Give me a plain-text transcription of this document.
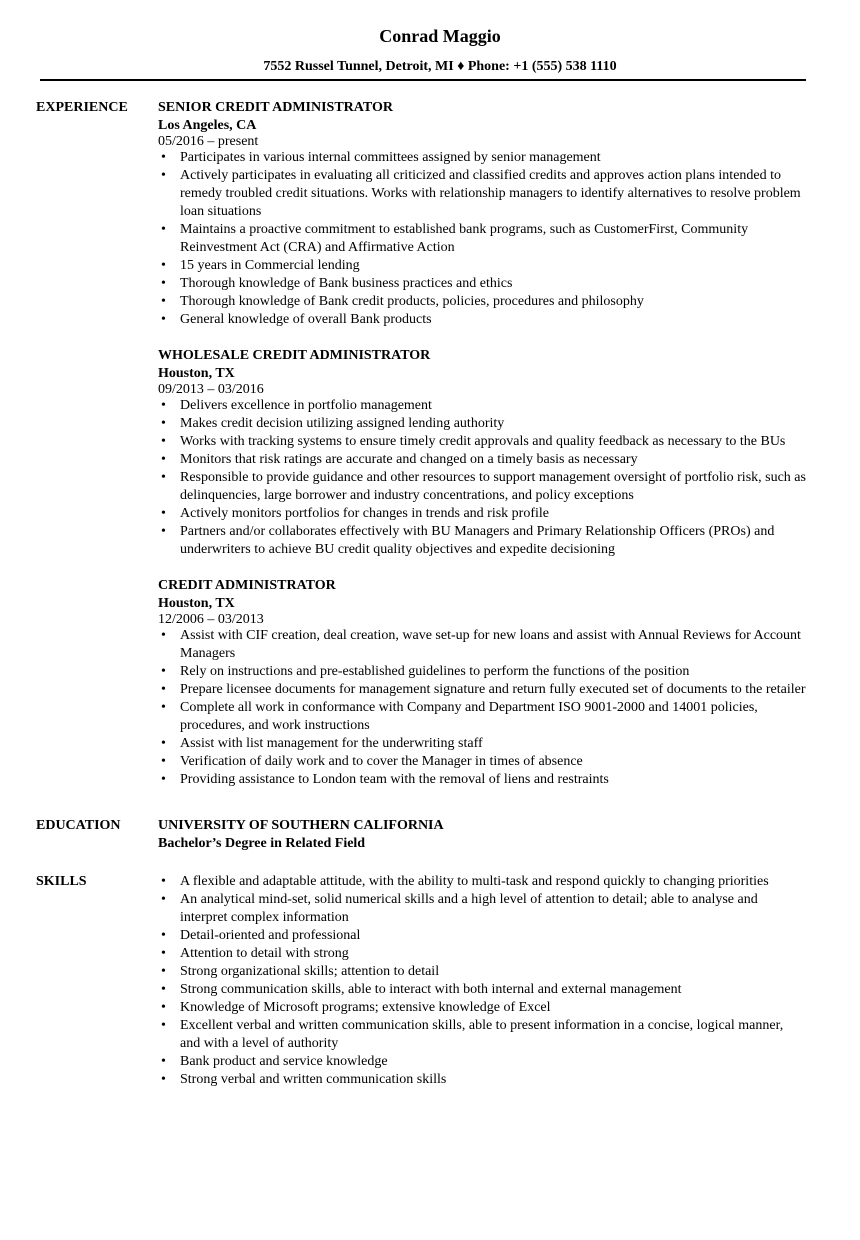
Conrad Maggio
7552 Russel Tunnel, Detroit, MI ♦ Phone: +1 (555) 538 1110
EXPERIENCE	SENIOR CREDIT ADMINISTRATOR
Los Angeles, CA
05/2016 – present
• Participates in various internal committees assigned by senior management
• Actively participates in evaluating all criticized and classified credits and approves action plans intended to remedy troubled credit situations. Works with relationship managers to identify alternatives to resolve problem loan situations
• Maintains a proactive commitment to established bank programs, such as CustomerFirst, Community Reinvestment Act (CRA) and Affirmative Action
• 15 years in Commercial lending
• Thorough knowledge of Bank business practices and ethics
• Thorough knowledge of Bank credit products, policies, procedures and philosophy
• General knowledge of overall Bank products
WHOLESALE CREDIT ADMINISTRATOR
Houston, TX
09/2013 – 03/2016
• Delivers excellence in portfolio management
• Makes credit decision utilizing assigned lending authority
• Works with tracking systems to ensure timely credit approvals and quality feedback as necessary to the BUs
• Monitors that risk ratings are accurate and changed on a timely basis as necessary
• Responsible to provide guidance and other resources to support management oversight of portfolio risk, such as delinquencies, large borrower and industry concentrations, and policy exceptions
• Actively monitors portfolios for changes in trends and risk profile
• Partners and/or collaborates effectively with BU Managers and Primary Relationship Officers (PROs) and underwriters to achieve BU credit quality objectives and expedite decisioning
CREDIT ADMINISTRATOR
Houston, TX
12/2006 – 03/2013
• Assist with CIF creation, deal creation, wave set-up for new loans and assist with Annual Reviews for Account Managers
• Rely on instructions and pre-established guidelines to perform the functions of the position
• Prepare licensee documents for management signature and return fully executed set of documents to the retailer
• Complete all work in conformance with Company and Department ISO 9001-2000 and 14001 policies, procedures, and work instructions
• Assist with list management for the underwriting staff
• Verification of daily work and to cover the Manager in times of absence
• Providing assistance to London team with the removal of liens and restraints
EDUCATION	UNIVERSITY OF SOUTHERN CALIFORNIA
Bachelor’s Degree in Related Field
SKILLS
•	A flexible and adaptable attitude, with the ability to multi-task and respond quickly to changing priorities
• An analytical mind-set, solid numerical skills and a high level of attention to detail; able to analyse and interpret complex information
• Detail-oriented and professional
• Attention to detail with strong
• Strong organizational skills; attention to detail
• Strong communication skills, able to interact with both internal and external management
• Knowledge of Microsoft programs; extensive knowledge of Excel
• Excellent verbal and written communication skills, able to present information in a concise, logical manner, and with a level of authority
• Bank product and service knowledge
• Strong verbal and written communication skills
